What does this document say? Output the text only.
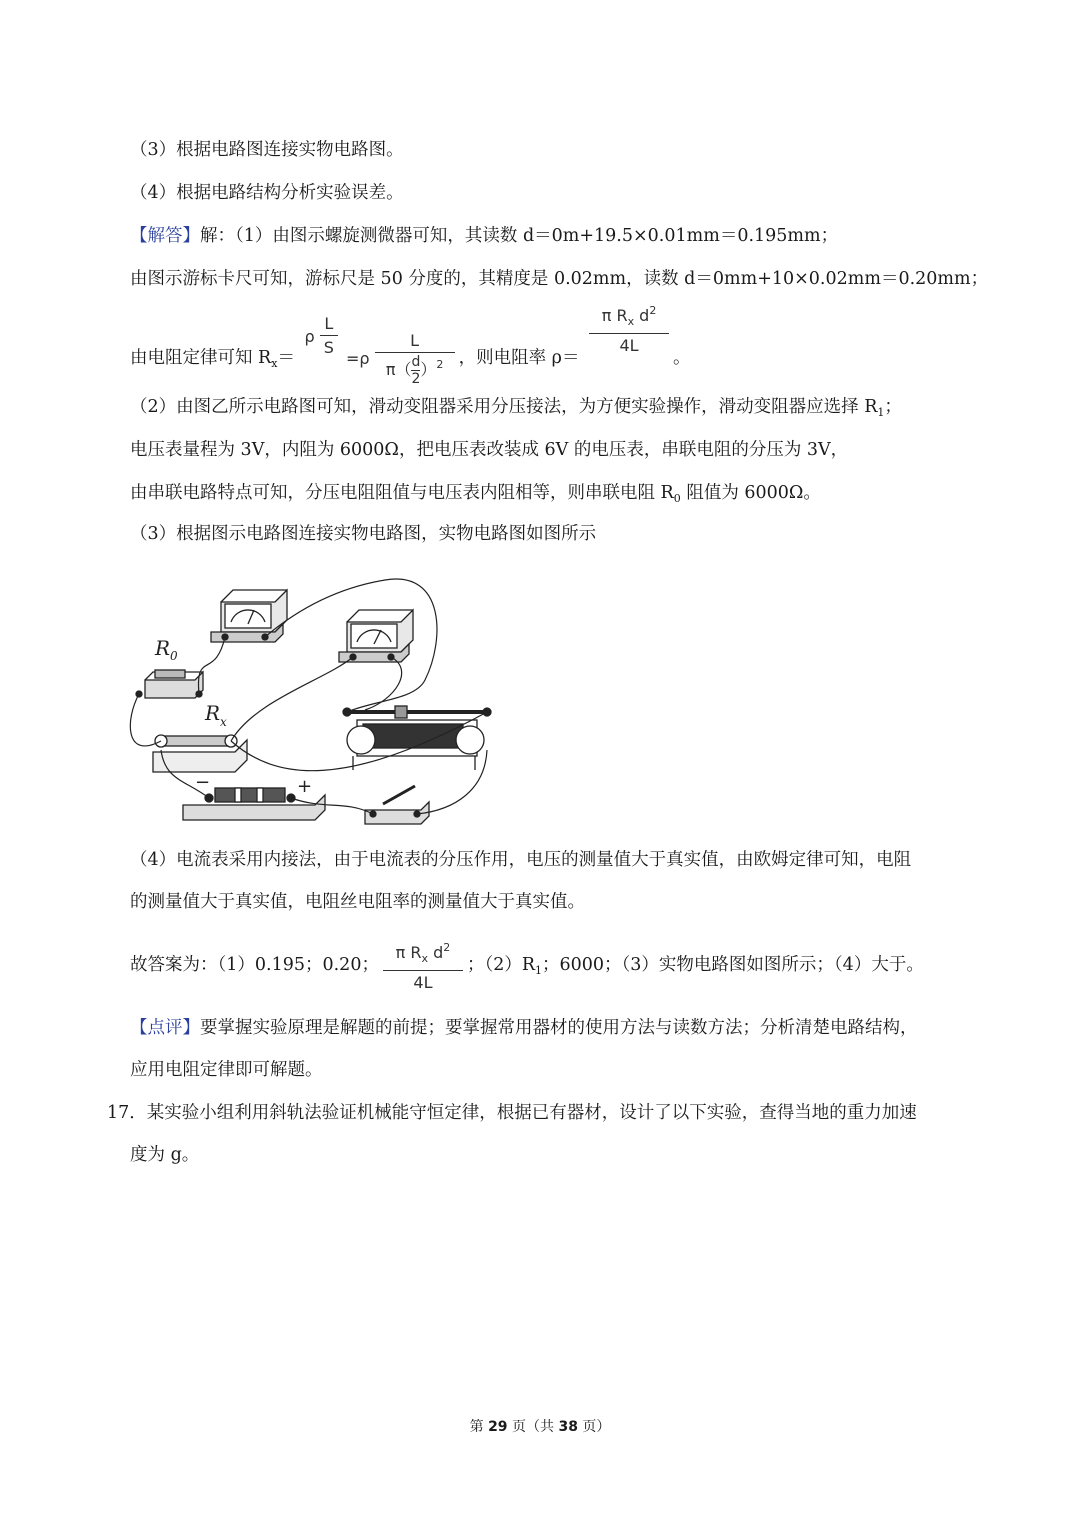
（3）根据电路图连接实物电路图。
（4）根据电路结构分析实验误差。
【解答】解：（1）由图示螺旋测微器可知，其读数 d＝0m+19.5×0.01mm＝0.195mm；
由图示游标卡尺可知，游标尺是 50 分度的，其精度是 0.02mm，读数 d＝0mm+10×0.02mm＝0.20mm；
由电阻定律可知 $R_x= \rho \frac{L}{S} =\rho \frac{L}{\pi( \frac{d}{2} )^2}$ ，则电阻率 $\rho= \frac{\pi R_x d^2}{4L}$ 。
（2）由图乙所示电路图可知，滑动变阻器采用分压接法，为方便实验操作，滑动变阻器应选择 $R_1$；
电压表量程为 3V，内阻为 6000Ω，把电压表改装成 6V 的电压表，串联电阻的分压为 3V，
由串联电路特点可知，分压电阻阻值与电压表内阻相等，则串联电阻 $R_0$ 阻值为 6000Ω。
（3）根据图示电路图连接实物电路图，实物电路图如图所示
R 0
R x
−	+
（4）电流表采用内接法，由于电流表的分压作用，电压的测量值大于真实值，由欧姆定律可知，电阻
的测量值大于真实值，电阻丝电阻率的测量值大于真实值。
故答案为：（1）0.195；0.20； $\frac{\pi R_x d^2}{4L}$ ；$(2)R_1$；6000；（3）实物电路图如图所示；（4）大于。
【点评】要掌握实验原理是解题的前提；要掌握常用器材的使用方法与读数方法；分析清楚电路结构，
应用电阻定律即可解题。
17．某实验小组利用斜轨法验证机械能守恒定律，根据已有器材，设计了以下实验，查得当地的重力加速
度为 g。
第 29 页（共 38 页）
